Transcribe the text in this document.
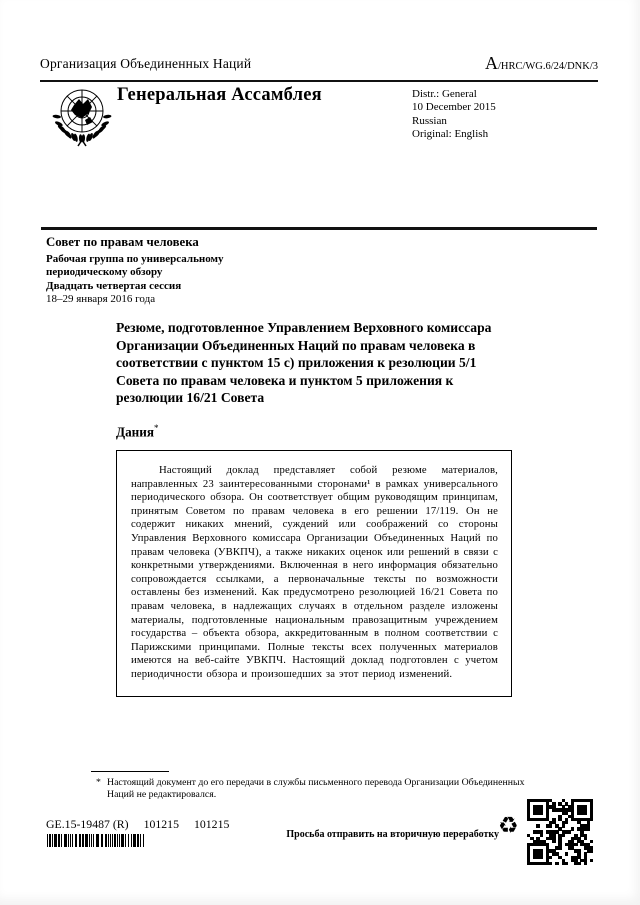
Организация Объединенных Наций	A/HRC/WG.6/24/DNK/3
Генеральная Ассамблея	Distr.: General
10 December 2015
Russian
Original: English
Совет по правам человека
Рабочая группа по универсальному периодическому обзору
Двадцать четвертая сессия
18–29 января 2016 года
Резюме, подготовленное Управлением Верховного комиссара Организации Объединенных Наций по правам человека в соответствии с пунктом 15 c) приложения к резолюции 5/1 Совета по правам человека и пунктом 5 приложения к резолюции 16/21 Совета
Дания*
Настоящий доклад представляет собой резюме материалов, направленных 23 заинтересованными сторонами¹ в рамках универсального периодического обзора. Он соответствует общим руководящим принципам, принятым Советом по правам человека в его решении 17/119. Он не содержит никаких мнений, суждений или соображений со стороны Управления Верховного комиссара Организации Объединенных Наций по правам человека (УВКПЧ), а также никаких оценок или решений в связи с конкретными утверждениями. Включенная в него информация обязательно сопровождается ссылками, а первоначальные тексты по возможности оставлены без изменений. Как предусмотрено резолюцией 16/21 Совета по правам человека, в надлежащих случаях в отдельном разделе изложены материалы, подготовленные национальным правозащитным учреждением государства – объекта обзора, аккредитованным в полном соответствии с Парижскими принципами. Полные тексты всех полученных материалов имеются на веб-сайте УВКПЧ. Настоящий доклад подготовлен с учетом периодичности обзора и произошедших за этот период изменений.
* Настоящий документ до его передачи в службы письменного перевода Организации Объединенных Наций не редактировался.
GE.15-19487 (R) 101215 101215
Просьба отправить на вторичную переработку ♻
